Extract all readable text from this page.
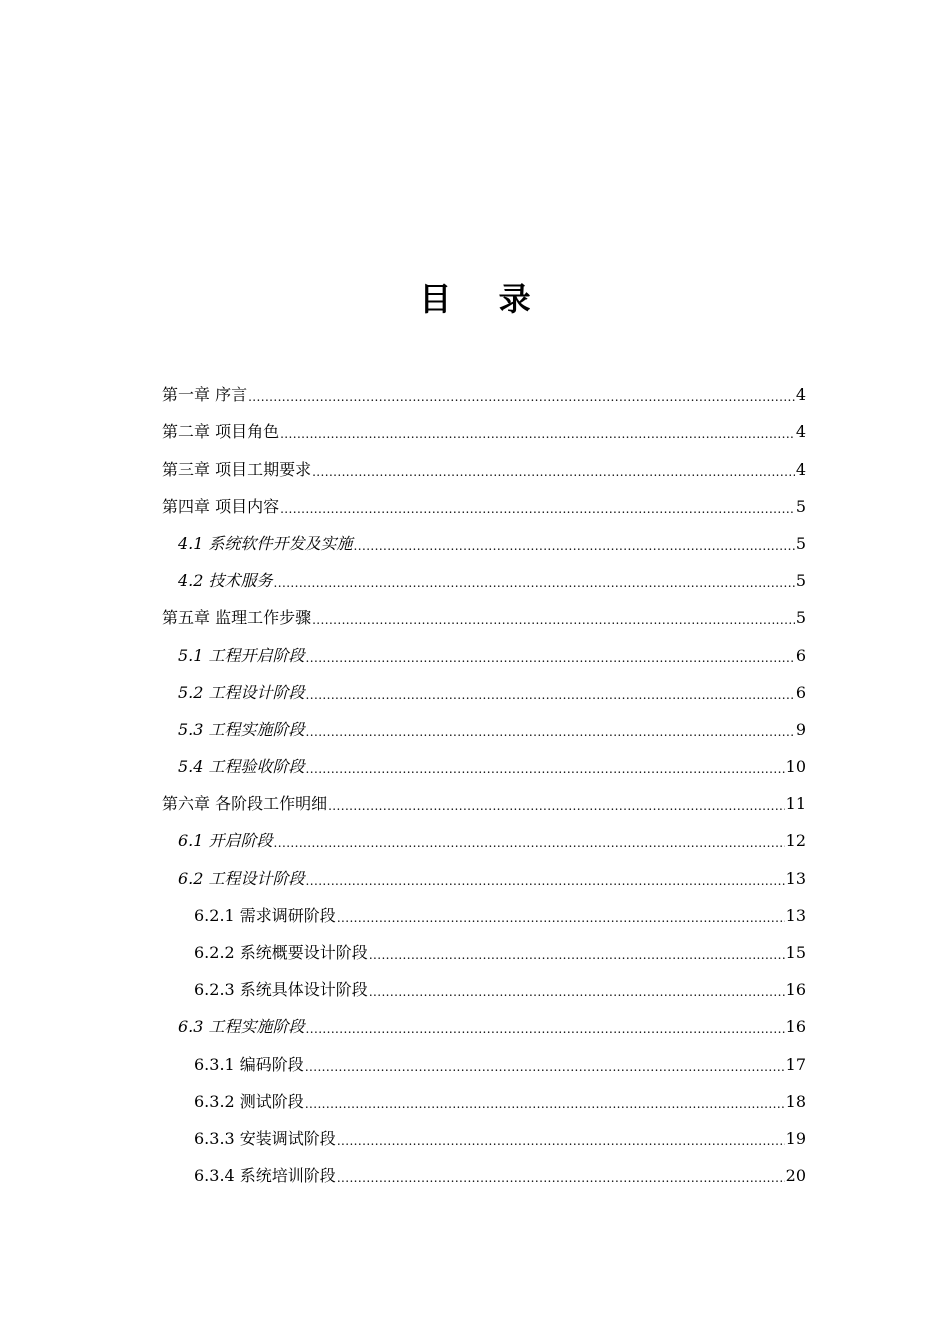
目 录
第一章 序言 .....	4
第二章 项目角色 .....	4
第三章 项目工期要求 .....	4
第四章 项目内容 .....	5
4.1 系统软件开发及实施 .....	5
4.2 技术服务 .....	5
第五章 监理工作步骤 .....	5
5.1 工程开启阶段 .....	6
5.2 工程设计阶段 .....	6
5.3 工程实施阶段 .....	9
5.4 工程验收阶段 .....	10
第六章 各阶段工作明细 .....	11
6.1 开启阶段 .....	12
6.2 工程设计阶段 .....	13
6.2.1 需求调研阶段 .....	13
6.2.2 系统概要设计阶段 .....	15
6.2.3 系统具体设计阶段 .....	16
6.3 工程实施阶段 .....	16
6.3.1 编码阶段 .....	17
6.3.2 测试阶段 .....	18
6.3.3 安装调试阶段 .....	19
6.3.4 系统培训阶段 .....	20
